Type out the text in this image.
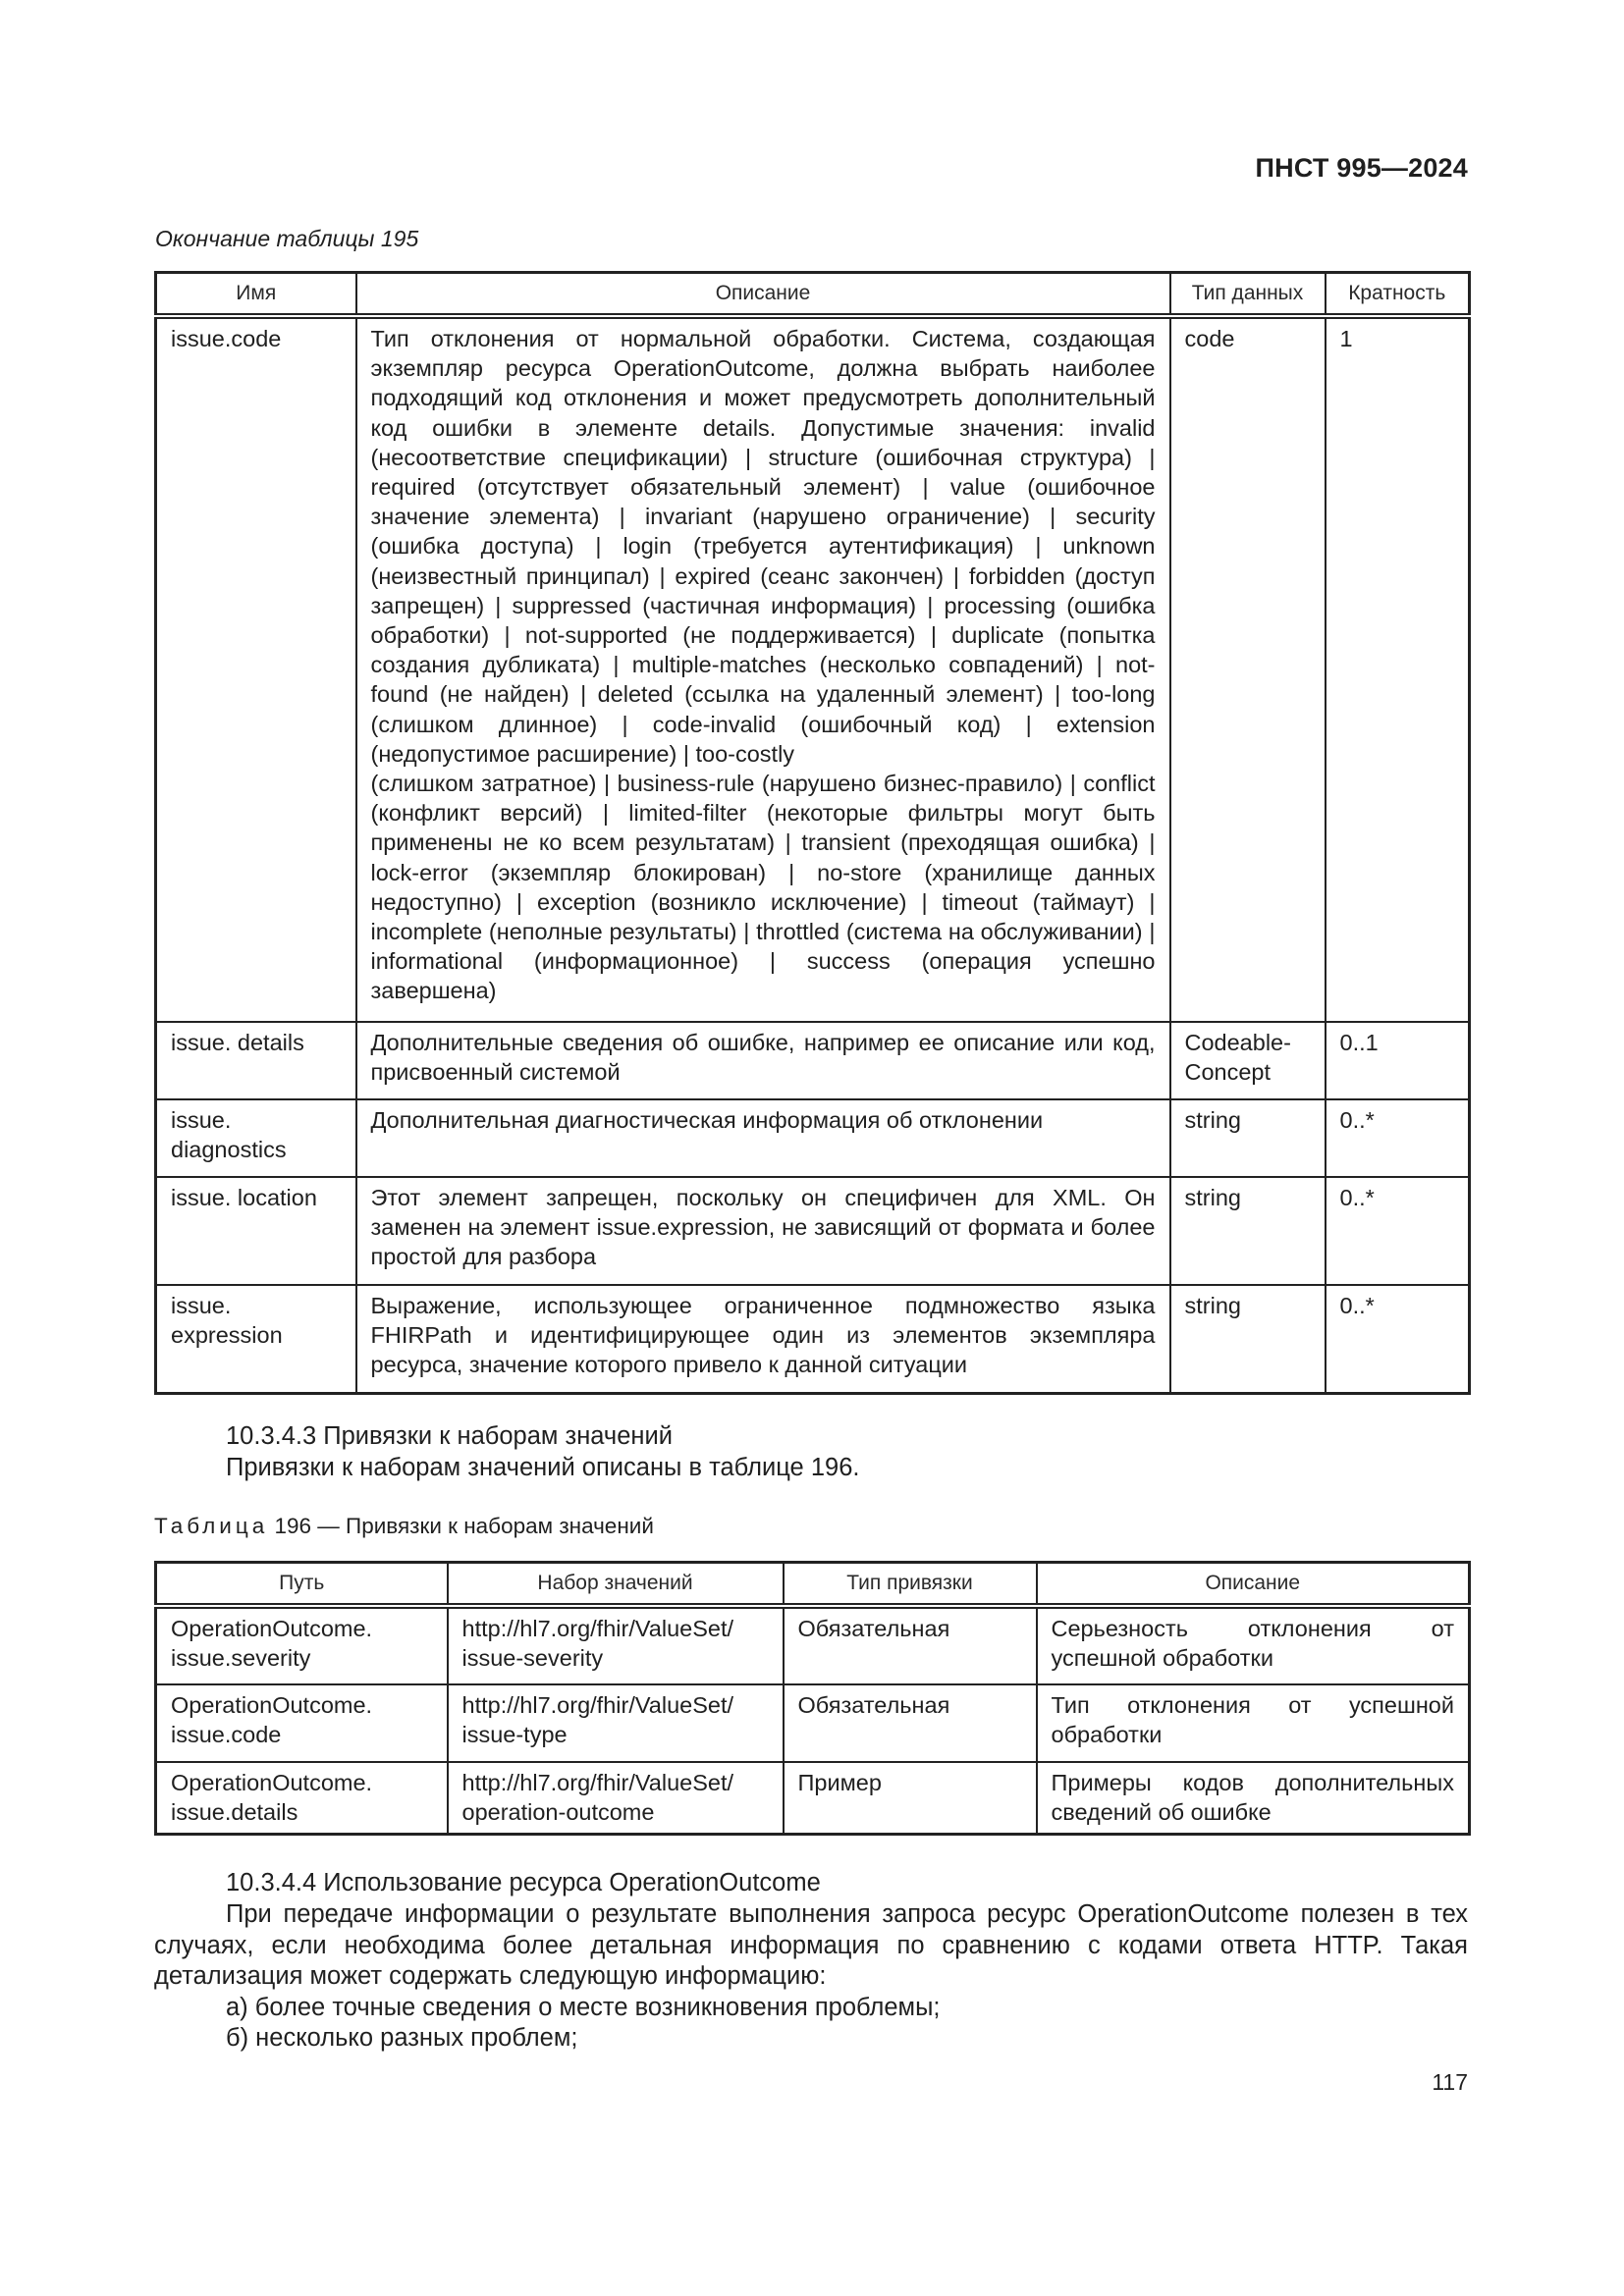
ПНСТ 995—2024
Окончание таблицы 195
Имя	Описание	Тип данных	Кратность
issue.code	Тип отклонения от нормальной обработки. Система, создающая экземпляр ресурса OperationOutcome, должна выбрать наиболее подходящий код отклонения и может предусмотреть дополнительный код ошибки в элементе details. Допустимые значения: invalid (несоответствие спецификации) | structure (ошибочная структура) | required (отсутствует обязательный элемент) | value (ошибочное значение элемента) | invariant (нарушено ограничение) | security (ошибка доступа) | login (требуется аутентификация) | unknown (неизвестный принципал) | expired (сеанс закончен) | forbidden (доступ запрещен) | suppressed (частичная информация) | processing (ошибка обработки) | not-supported (не поддерживается) | duplicate (попытка создания дубликата) | multiple-matches (несколько совпадений) | not-found (не найден) | deleted (ссылка на удаленный элемент) | too-long (слишком длинное) | code-invalid (ошибочный код) | extension (недопустимое расширение) | too-costly
(слишком затратное) | business-rule (нарушено бизнес-правило) | conflict (конфликт версий) | limited-filter (некоторые фильтры могут быть применены не ко всем результатам) | transient (преходящая ошибка) | lock-error (экземпляр блокирован) | no-store (хранилище данных недоступно) | exception (возникло исключение) | timeout (таймаут) | incomplete (неполные результаты) | throttled (система на обслуживании) | informational (информационное) | success (операция успешно завершена)	code	1
issue. details	Дополнительные сведения об ошибке, например ее описание или код, присвоенный системой	Codeable-Concept	0..1
issue. diagnostics	Дополнительная диагностическая информация об отклонении	string	0..*
issue. location	Этот элемент запрещен, поскольку он специфичен для XML. Он заменен на элемент issue.expression, не зависящий от формата и более простой для разбора	string	0..*
issue. expression	Выражение, использующее ограниченное подмножество языка FHIRPath и идентифицирующее один из элементов экземпляра ресурса, значение которого привело к данной ситуации	string	0..*
10.3.4.3 Привязки к наборам значений
Привязки к наборам значений описаны в таблице 196.
Таблица 196 — Привязки к наборам значений
Путь	Набор значений	Тип привязки	Описание
OperationOutcome. issue.severity	http://hl7.org/fhir/ValueSet/ issue-severity	Обязательная	Серьезность отклонения от успешной обработки
OperationOutcome. issue.code	http://hl7.org/fhir/ValueSet/ issue-type	Обязательная	Тип отклонения от успешной обработки
OperationOutcome. issue.details	http://hl7.org/fhir/ValueSet/ operation-outcome	Пример	Примеры кодов дополнительных сведений об ошибке
10.3.4.4 Использование ресурса OperationOutcome
При передаче информации о результате выполнения запроса ресурс OperationOutcome полезен в тех случаях, если необходима более детальная информация по сравнению с кодами ответа HTTP. Такая детализация может содержать следующую информацию:
а) более точные сведения о месте возникновения проблемы;
б) несколько разных проблем;
117
